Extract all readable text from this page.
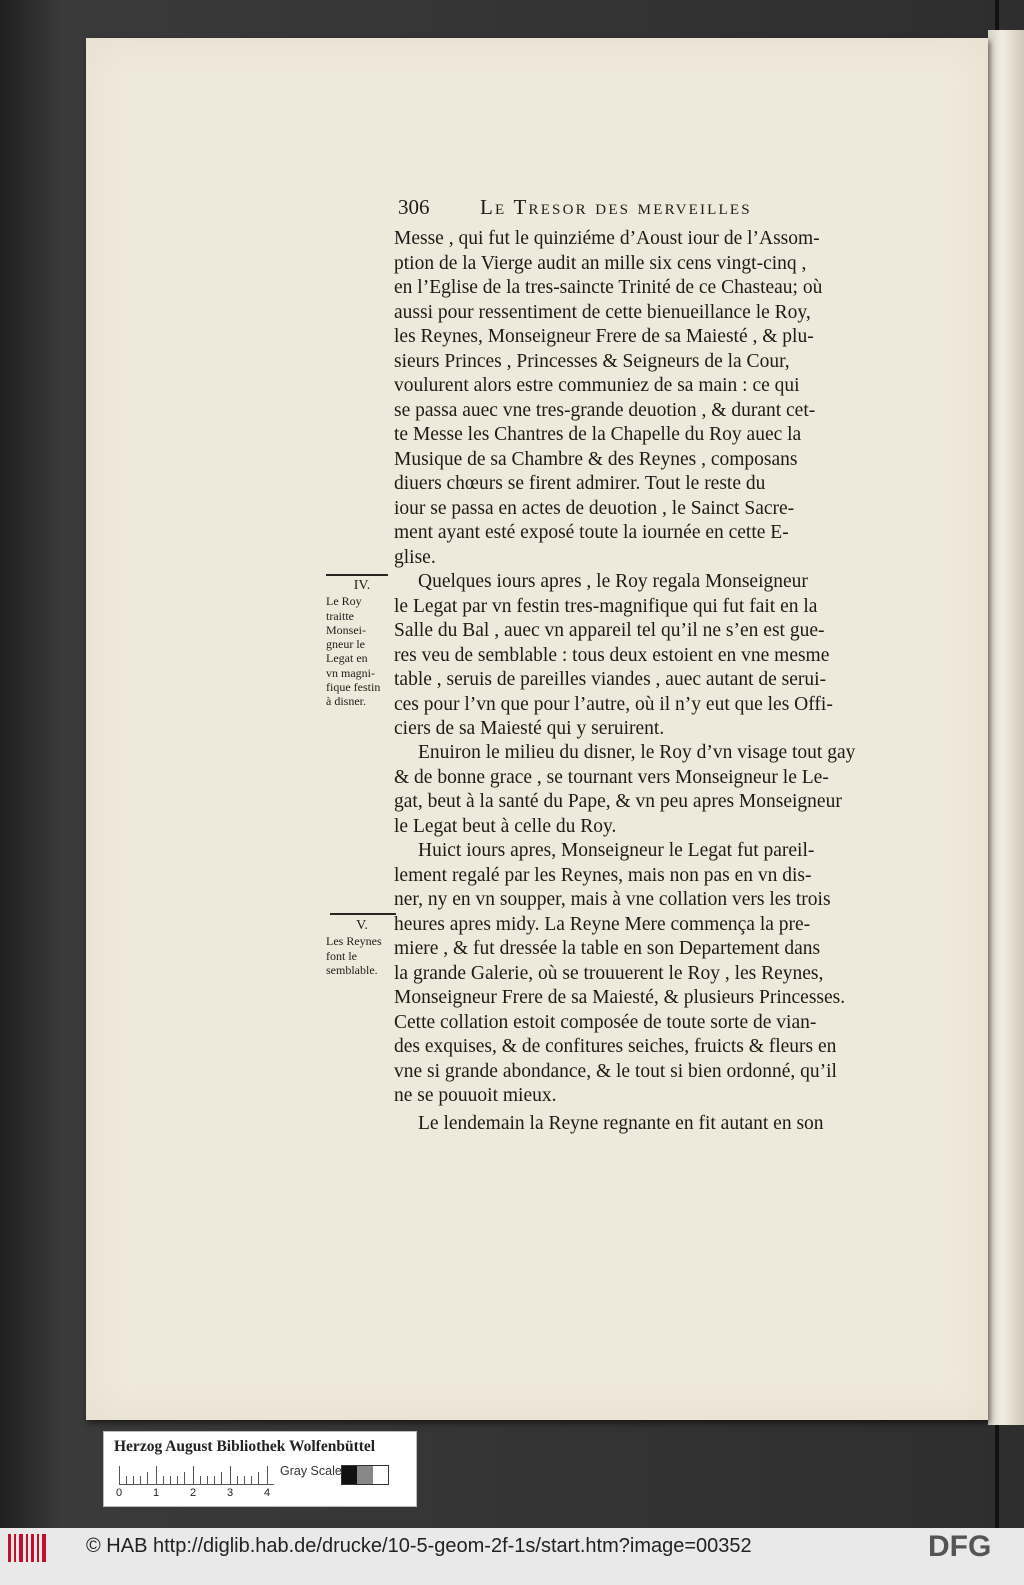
306 Le Tresor des merveilles
Messe , qui fut le quinziéme d’Aoust iour de l’Assom-
ption de la Vierge audit an mille six cens vingt-cinq ,
en l’Eglise de la tres-saincte Trinité de ce Chasteau; où
aussi pour ressentiment de cette bienueillance le Roy,
les Reynes, Monseigneur Frere de sa Maiesté , & plu-
sieurs Princes , Princesses & Seigneurs de la Cour,
voulurent alors estre communiez de sa main : ce qui
se passa auec vne tres-grande deuotion , & durant cet-
te Messe les Chantres de la Chapelle du Roy auec la
Musique de sa Chambre & des Reynes , composans
diuers chœurs se firent admirer. Tout le reste du
iour se passa en actes de deuotion , le Sainct Sacre-
ment ayant esté exposé toute la iournée en cette E-
glise.
IV.
Le Roy
traitte
Monsei-
gneur le
Legat en
vn magni-
fique festin
à disner.
Quelques iours apres , le Roy regala Monseigneur
le Legat par vn festin tres-magnifique qui fut fait en la
Salle du Bal , auec vn appareil tel qu’il ne s’en est gue-
res veu de semblable : tous deux estoient en vne mesme
table , seruis de pareilles viandes , auec autant de serui-
ces pour l’vn que pour l’autre, où il n’y eut que les Offi-
ciers de sa Maiesté qui y seruirent.
Enuiron le milieu du disner, le Roy d’vn visage tout gay
& de bonne grace , se tournant vers Monseigneur le Le-
gat, beut à la santé du Pape, & vn peu apres Monseigneur
le Legat beut à celle du Roy.
V.
Les Reynes
font le
semblable.
Huict iours apres, Monseigneur le Legat fut pareil-
lement regalé par les Reynes, mais non pas en vn dis-
ner, ny en vn soupper, mais à vne collation vers les trois
heures apres midy. La Reyne Mere commença la pre-
miere , & fut dressée la table en son Departement dans
la grande Galerie, où se trouuerent le Roy , les Reynes,
Monseigneur Frere de sa Maiesté, & plusieurs Princesses.
Cette collation estoit composée de toute sorte de vian-
des exquises, & de confitures seiches, fruicts & fleurs en
vne si grande abondance, & le tout si bien ordonné, qu’il
ne se pouuoit mieux.
Le lendemain la Reyne regnante en fit autant en son
Herzog August Bibliothek Wolfenbüttel
0	1	2	3	4
Gray Scale
© HAB http://diglib.hab.de/drucke/10-5-geom-2f-1s/start.htm?image=00352	DFG
